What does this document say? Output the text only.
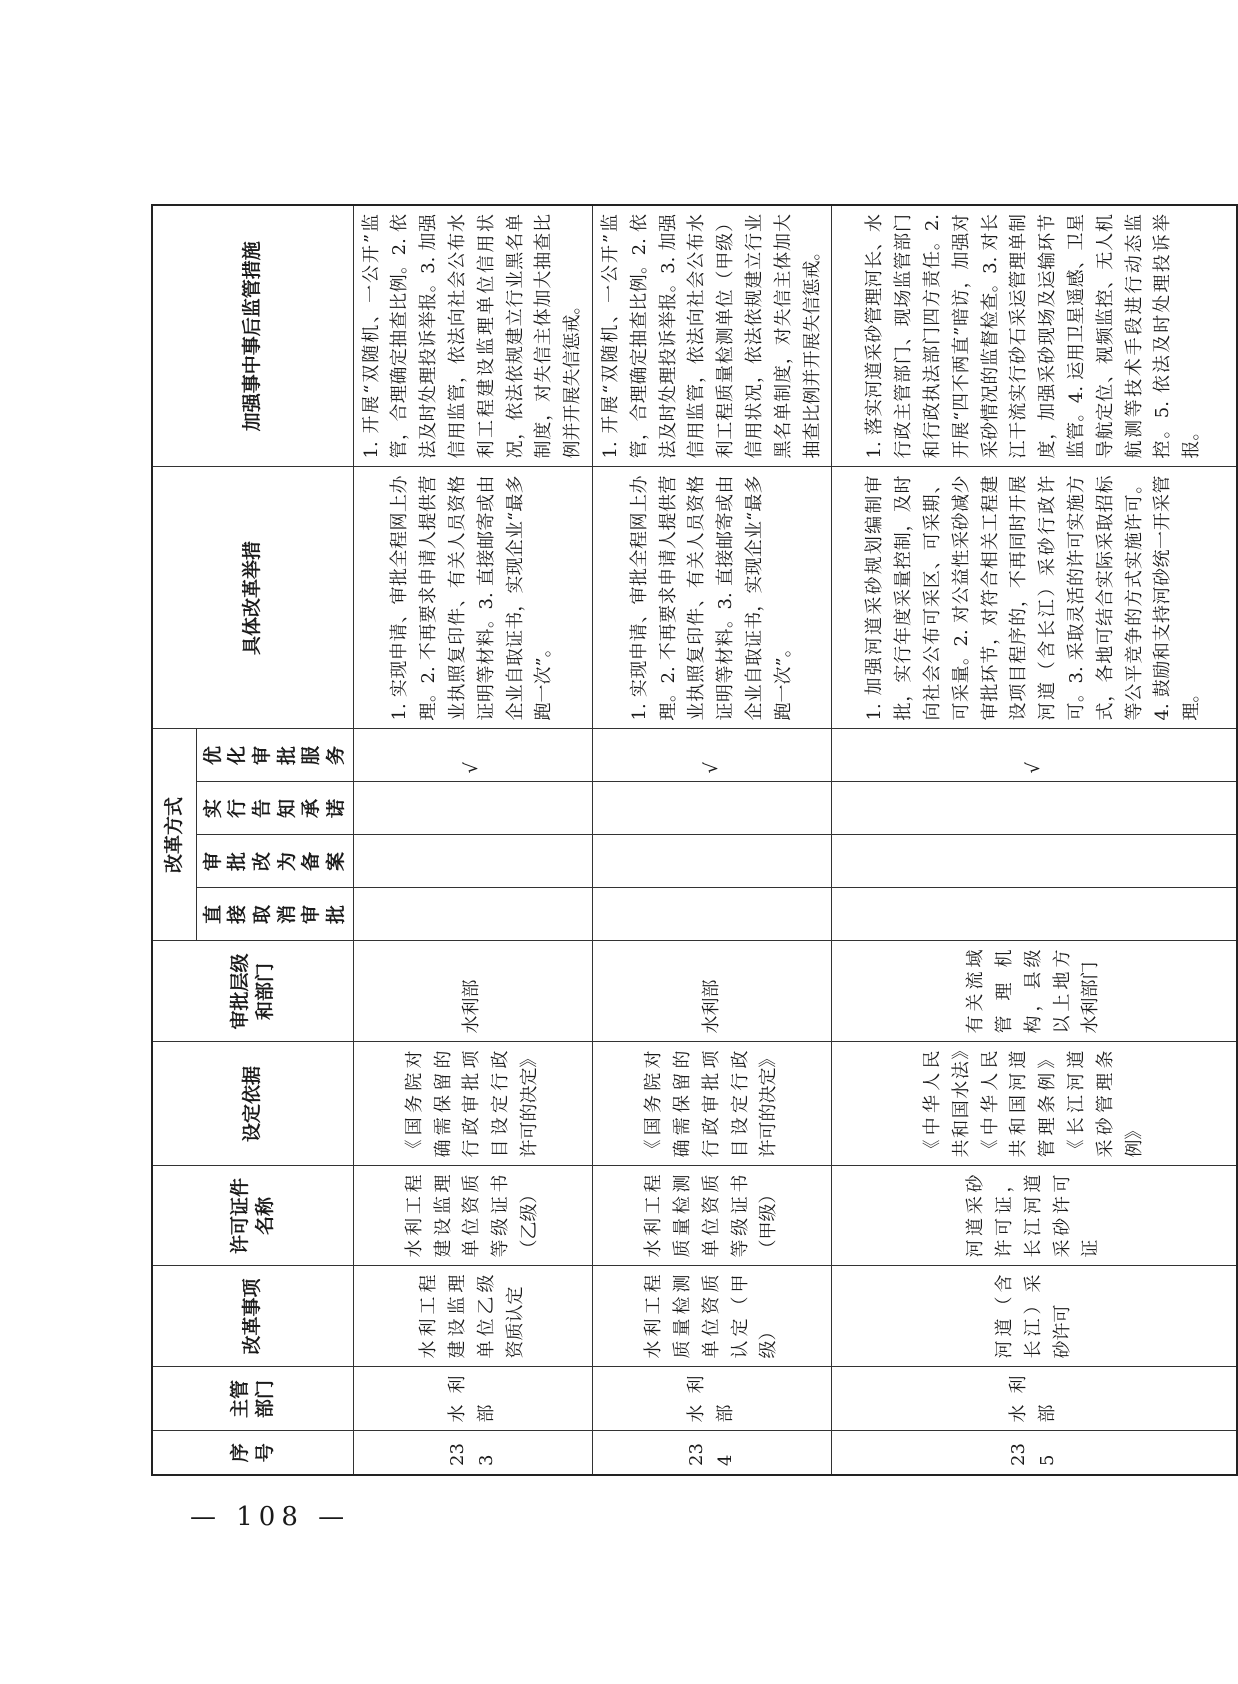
序号	主管部门	改革事项	许可证件名称	设定依据	审批层级和部门	改革方式				具体改革举措	加强事中事后监管措施
						直接取消审批	审批改为备案	实行告知承诺	优化审批服务		
233	水利部	水利工程建设监理单位乙级资质认定	水利工程建设监理单位资质等级证书（乙级）	《国务院对确需保留的行政审批项目设定行政许可的决定》	水利部				√	1. 实现申请、审批全程网上办理。2. 不再要求申请人提供营业执照复印件、有关人员资格证明等材料。3. 直接邮寄或由企业自取证书，实现企业“最多跑一次”。	1. 开展“双随机、一公开”监管，合理确定抽查比例。2. 依法及时处理投诉举报。3. 加强信用监管，依法向社会公布水利工程建设监理单位信用状况，依法依规建立行业黑名单制度，对失信主体加大抽查比例并开展失信惩戒。
234	水利部	水利工程质量检测单位资质认定（甲级）	水利工程质量检测单位资质等级证书（甲级）	《国务院对确需保留的行政审批项目设定行政许可的决定》	水利部				√	1. 实现申请、审批全程网上办理。2. 不再要求申请人提供营业执照复印件、有关人员资格证明等材料。3. 直接邮寄或由企业自取证书，实现企业“最多跑一次”。	1. 开展“双随机、一公开”监管，合理确定抽查比例。2. 依法及时处理投诉举报。3. 加强信用监管，依法向社会公布水利工程质量检测单位（甲级）信用状况，依法依规建立行业黑名单制度，对失信主体加大抽查比例并开展失信惩戒。
235	水利部	河道（含长江）采砂许可	河道采砂许可证，长江河道采砂许可证	《中华人民共和国水法》《中华人民共和国河道管理条例》《长江河道采砂管理条例》	有关流域管理机构，县级以上地方水利部门				√	1. 加强河道采砂规划编制审批，实行年度采量控制，及时向社会公布可采区、可采期、可采量。2. 对公益性采砂减少审批环节，对符合相关工程建设项目程序的，不再同时开展河道（含长江）采砂行政许可。3. 采取灵活的许可实施方式，各地可结合实际采取招标等公平竞争的方式实施许可。4. 鼓励和支持河砂统一开采管理。	1. 落实河道采砂管理河长、水行政主管部门、现场监管部门和行政执法部门四方责任。2. 开展“四不两直”暗访，加强对采砂情况的监督检查。3. 对长江干流实行砂石采运管理单制度，加强采砂现场及运输环节监管。4. 运用卫星遥感、卫星导航定位、视频监控、无人机航测等技术手段进行动态监控。5. 依法及时处理投诉举报。
— 108 —
